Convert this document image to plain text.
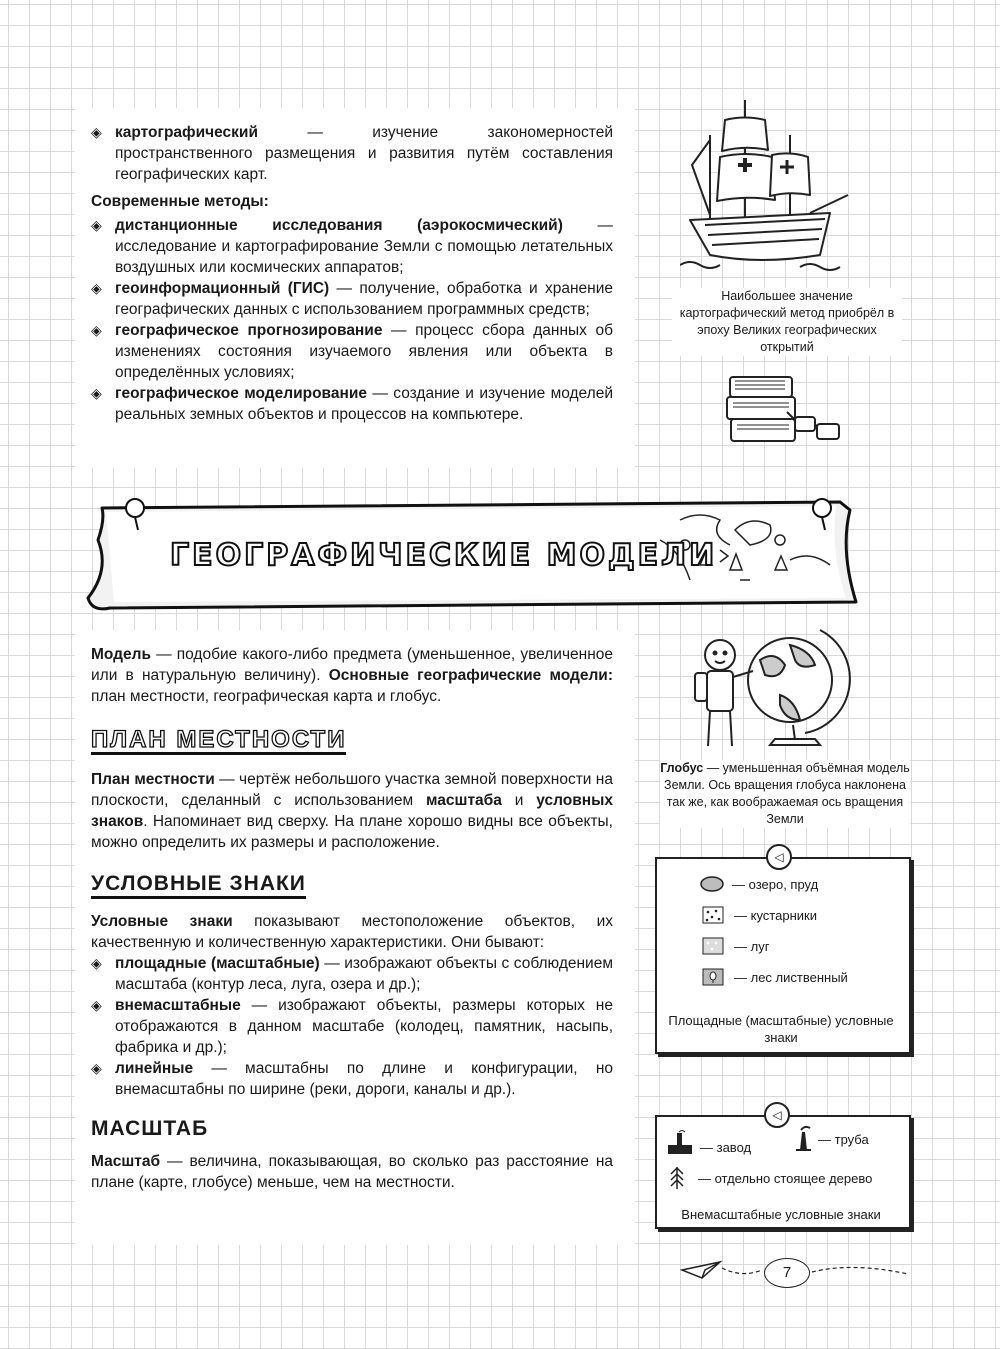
◈ картографический — изучение закономерностей пространственного размещения и развития путём составления географических карт.

Современные методы:

◈ дистанционные исследования (аэрокосмический) — исследование и картографирование Земли с помощью летательных воздушных или космических аппаратов;

◈ геоинформационный (ГИС) — получение, обработка и хранение географических данных с использованием программных средств;

◈ географическое прогнозирование — процесс сбора данных об изменениях состояния изучаемого явления или объекта в определённых условиях;

◈ географическое моделирование — создание и изучение моделей реальных земных объектов и процессов на компьютере.

Наибольшее значение картографический метод приобрёл в эпоху Великих географических открытий
ГЕОГРАФИЧЕСКИЕ МОДЕЛИ

Модель — подобие какого-либо предмета (уменьшенное, увеличенное или в натуральную величину). Основные географические модели: план местности, географическая карта и глобус.

ПЛАН МЕСТНОСТИ

План местности — чертёж небольшого участка земной поверхности на плоскости, сделанный с использованием масштаба и условных знаков. Напоминает вид сверху. На плане хорошо видны все объекты, можно определить их размеры и расположение.

УСЛОВНЫЕ ЗНАКИ

Условные знаки показывают местоположение объектов, их качественную и количественную характеристики. Они бывают:

◈ площадные (масштабные) — изображают объекты с соблюдением масштаба (контур леса, луга, озера и др.);

◈ внемасштабные — изображают объекты, размеры которых не отображаются в данном масштабе (колодец, памятник, насыпь, фабрика и др.);

◈ линейные — масштабны по длине и конфигурации, но внемасштабны по ширине (реки, дороги, каналы и др.).

МАСШТАБ

Масштаб — величина, показывающая, во сколько раз расстояние на плане (карте, глобусе) меньше, чем на местности.

Глобус — уменьшенная объёмная модель Земли. Ось вращения глобуса наклонена так же, как воображаемая ось вращения Земли
◁
— озеро, пруд
— кустарники
— луг
— лес лиственный
Площадные (масштабные) условные знаки
◁
— завод
— труба
— отдельно стоящее дерево
Внемасштабные условные знаки
7
